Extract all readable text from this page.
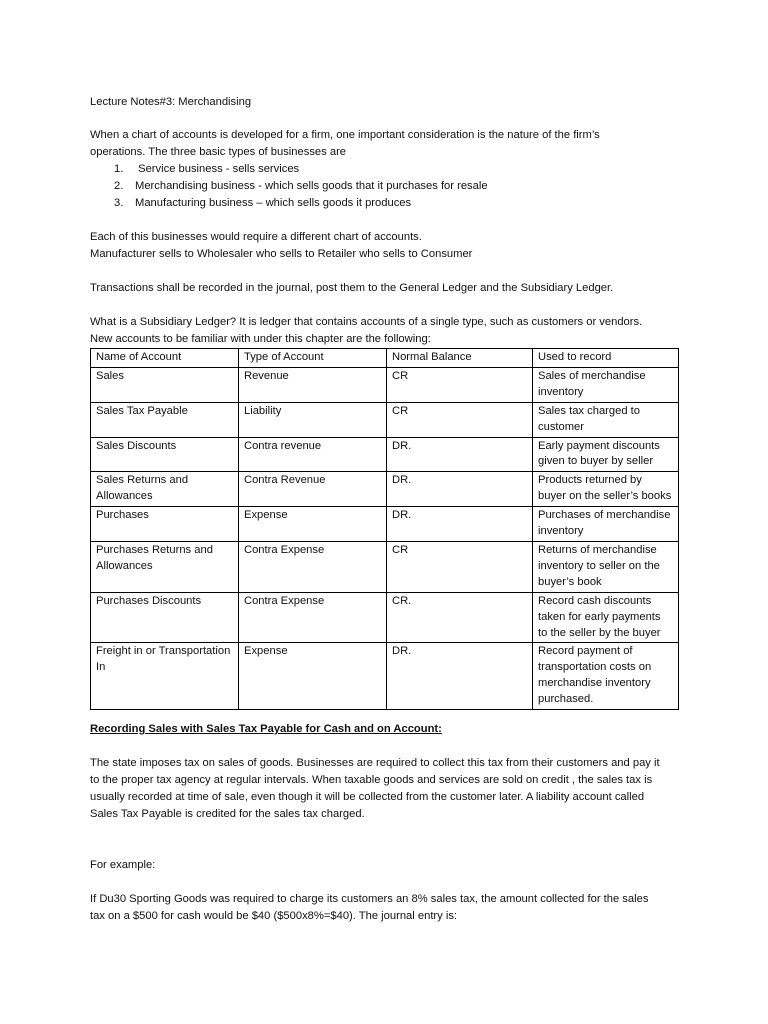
Lecture Notes#3: Merchandising

When a chart of accounts is developed for a firm, one important consideration is the nature of the firm’s

operations. The three basic types of businesses are

1. Service business - sells services
2. Merchandising business - which sells goods that it purchases for resale
3. Manufacturing business – which sells goods it produces

Each of this businesses would require a different chart of accounts.

Manufacturer sells to Wholesaler who sells to Retailer who sells to Consumer

Transactions shall be recorded in the journal, post them to the General Ledger and the Subsidiary Ledger.

What is a Subsidiary Ledger? It is ledger that contains accounts of a single type, such as customers or vendors.

New accounts to be familiar with under this chapter are the following:

Name of Account	Type of Account	Normal Balance	Used to record
Sales	Revenue	CR	Sales of merchandise inventory
Sales Tax Payable	Liability	CR	Sales tax charged to customer
Sales Discounts	Contra revenue	DR.	Early payment discounts given to buyer by seller
Sales Returns and Allowances	Contra Revenue	DR.	Products returned by buyer on the seller’s books
Purchases	Expense	DR.	Purchases of merchandise inventory
Purchases Returns and Allowances	Contra Expense	CR	Returns of merchandise inventory to seller on the buyer’s book
Purchases Discounts	Contra Expense	CR.	Record cash discounts taken for early payments to the seller by the buyer
Freight in or Transportation In	Expense	DR.	Record payment of transportation costs on merchandise inventory purchased.

Recording Sales with Sales Tax Payable for Cash and on Account:

The state imposes tax on sales of goods. Businesses are required to collect this tax from their customers and pay it

to the proper tax agency at regular intervals. When taxable goods and services are sold on credit , the sales tax is

usually recorded at time of sale, even though it will be collected from the customer later. A liability account called

Sales Tax Payable is credited for the sales tax charged.

For example:

If Du30 Sporting Goods was required to charge its customers an 8% sales tax, the amount collected for the sales

tax on a $500 for cash would be $40 ($500x8%=$40). The journal entry is:
